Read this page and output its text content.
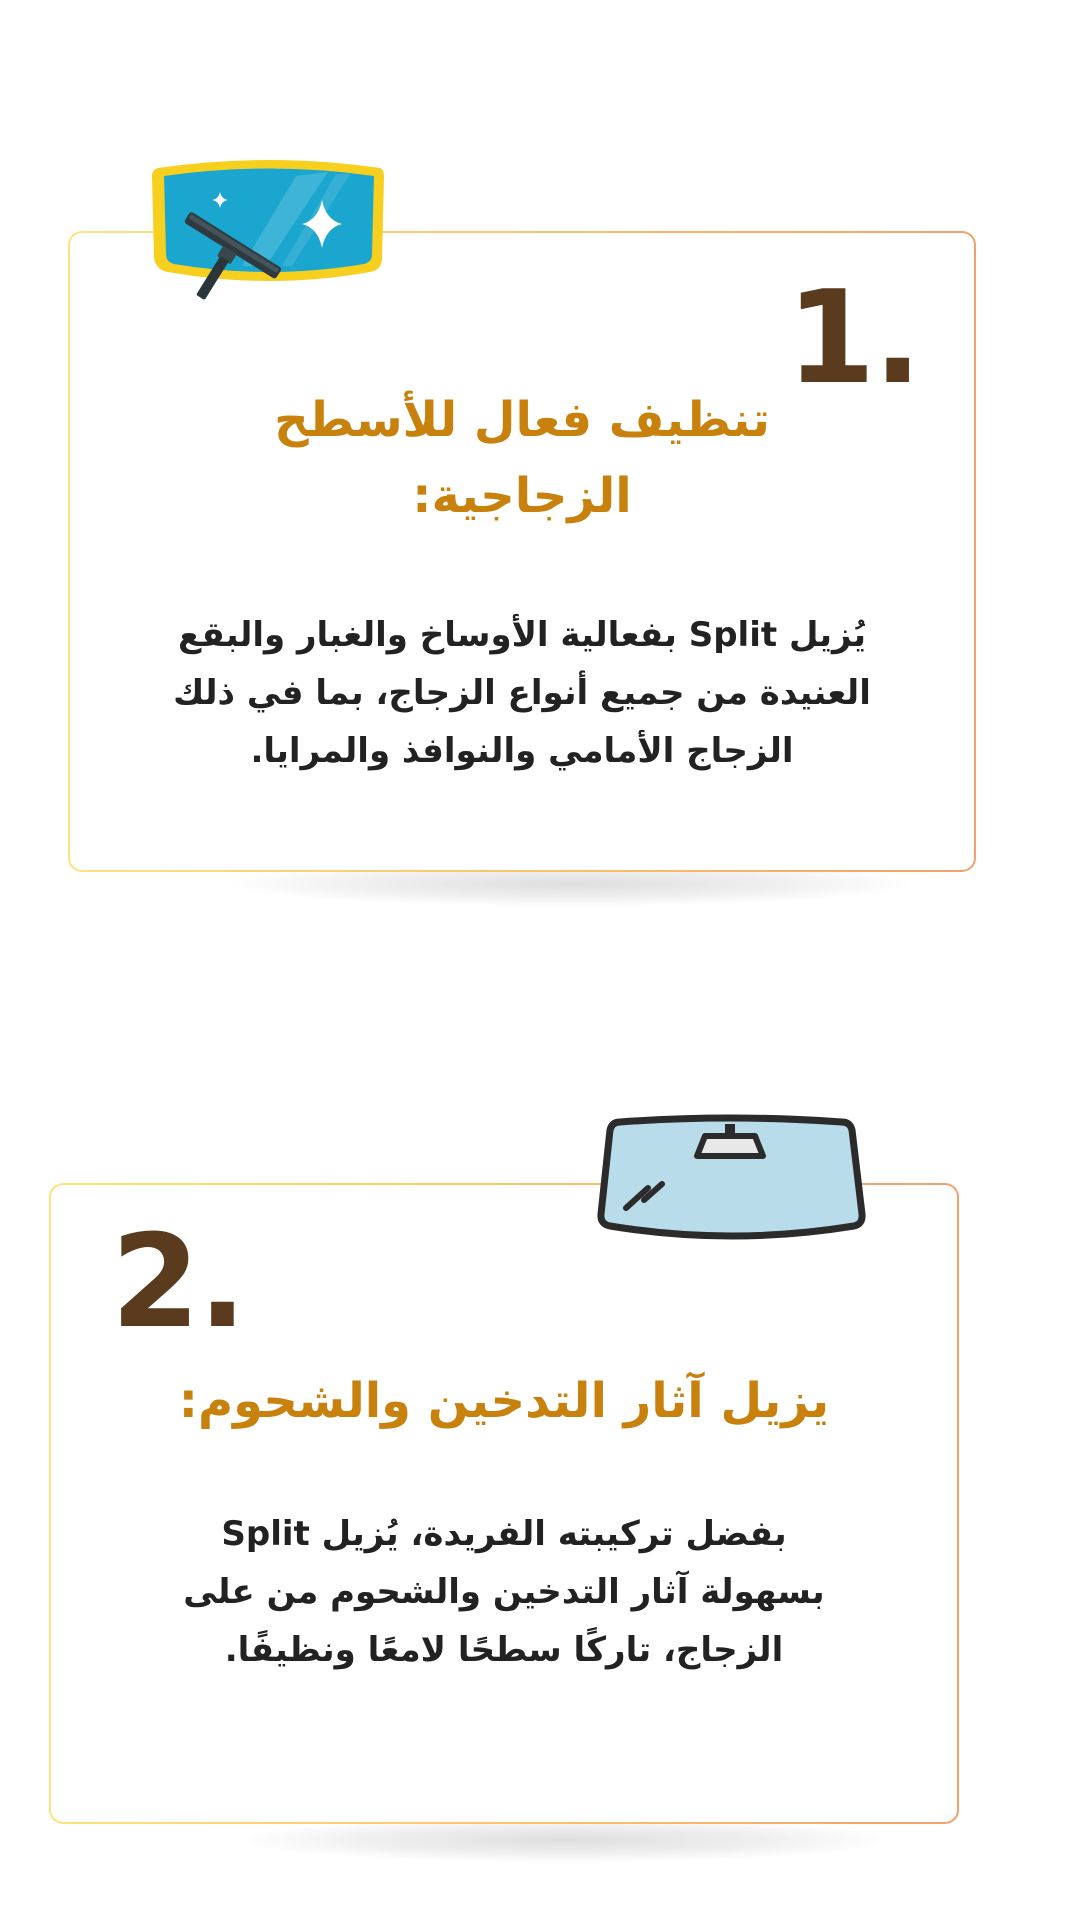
1.
تنظيف فعال للأسطح الزجاجية:
يُزيل Split بفعالية الأوساخ والغبار والبقع العنيدة من جميع أنواع الزجاج، بما في ذلك الزجاج الأمامي والنوافذ والمرايا.
2.
يزيل آثار التدخين والشحوم:
بفضل تركيبته الفريدة، يُزيل Split بسهولة آثار التدخين والشحوم من على الزجاج، تاركًا سطحًا لامعًا ونظيفًا.
